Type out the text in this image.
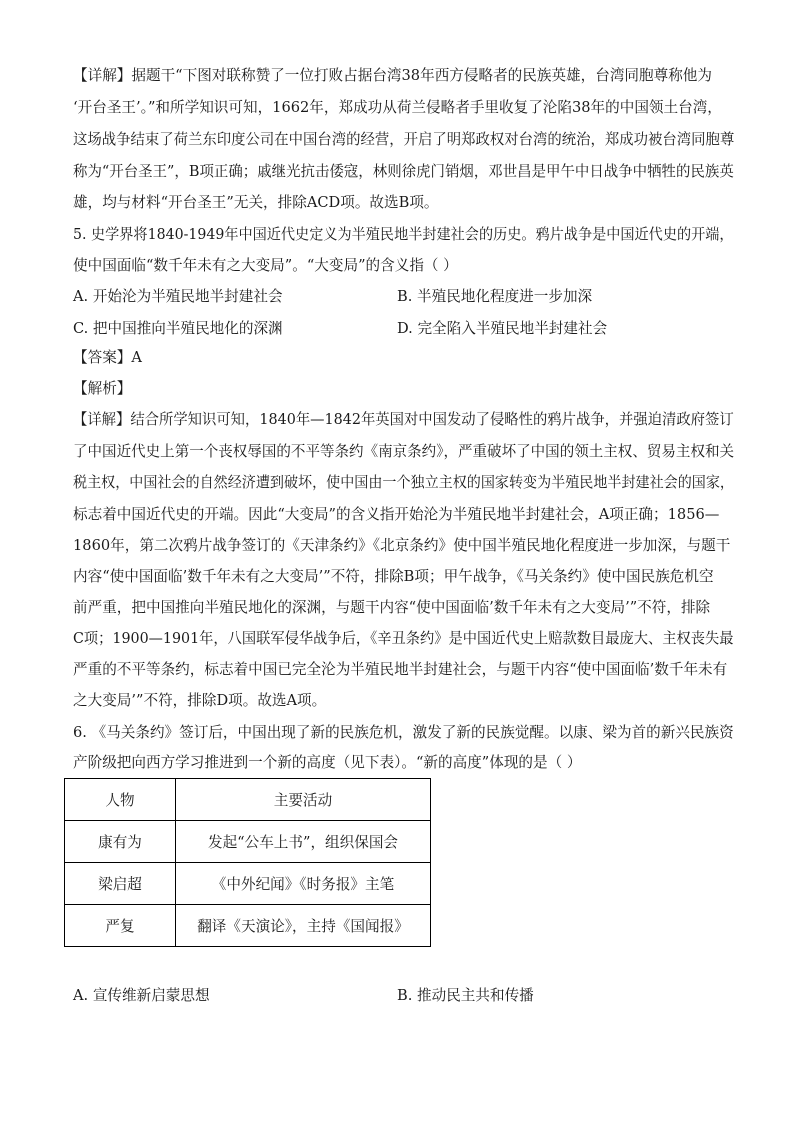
【详解】据题干“下图对联称赞了一位打败占据台湾38年西方侵略者的民族英雄，台湾同胞尊称他为
‘开台圣王’。”和所学知识可知，1662年，郑成功从荷兰侵略者手里收复了沦陷38年的中国领土台湾，
这场战争结束了荷兰东印度公司在中国台湾的经营，开启了明郑政权对台湾的统治，郑成功被台湾同胞尊
称为“开台圣王”，B项正确；戚继光抗击倭寇，林则徐虎门销烟，邓世昌是甲午中日战争中牺牲的民族英
雄，均与材料“开台圣王”无关，排除ACD项。故选B项。
5. 史学界将1840-1949年中国近代史定义为半殖民地半封建社会的历史。鸦片战争是中国近代史的开端，
使中国面临“数千年未有之大变局”。“大变局”的含义指（ ）
A. 开始沦为半殖民地半封建社会	B. 半殖民地化程度进一步加深
C. 把中国推向半殖民地化的深渊	D. 完全陷入半殖民地半封建社会
【答案】A
【解析】
【详解】结合所学知识可知，1840年—1842年英国对中国发动了侵略性的鸦片战争，并强迫清政府签订
了中国近代史上第一个丧权辱国的不平等条约《南京条约》，严重破坏了中国的领土主权、贸易主权和关
税主权，中国社会的自然经济遭到破坏，使中国由一个独立主权的国家转变为半殖民地半封建社会的国家，
标志着中国近代史的开端。因此“大变局”的含义指开始沦为半殖民地半封建社会，A项正确；1856—
1860年，第二次鸦片战争签订的《天津条约》《北京条约》使中国半殖民地化程度进一步加深，与题干
内容“使中国面临’数千年未有之大变局’”不符，排除B项；甲午战争，《马关条约》使中国民族危机空
前严重，把中国推向半殖民地化的深渊，与题干内容“使中国面临’数千年未有之大变局’”不符，排除
C项；1900—1901年，八国联军侵华战争后，《辛丑条约》是中国近代史上赔款数目最庞大、主权丧失最
严重的不平等条约，标志着中国已完全沦为半殖民地半封建社会，与题干内容“使中国面临’数千年未有
之大变局’”不符，排除D项。故选A项。
6. 《马关条约》签订后，中国出现了新的民族危机，激发了新的民族觉醒。以康、梁为首的新兴民族资
产阶级把向西方学习推进到一个新的高度（见下表）。“新的高度”体现的是（ ）
人物	主要活动
康有为	发起“公车上书”，组织保国会
梁启超	《中外纪闻》《时务报》主笔
严复	翻译《天演论》，主持《国闻报》
A. 宣传维新启蒙思想	B. 推动民主共和传播
